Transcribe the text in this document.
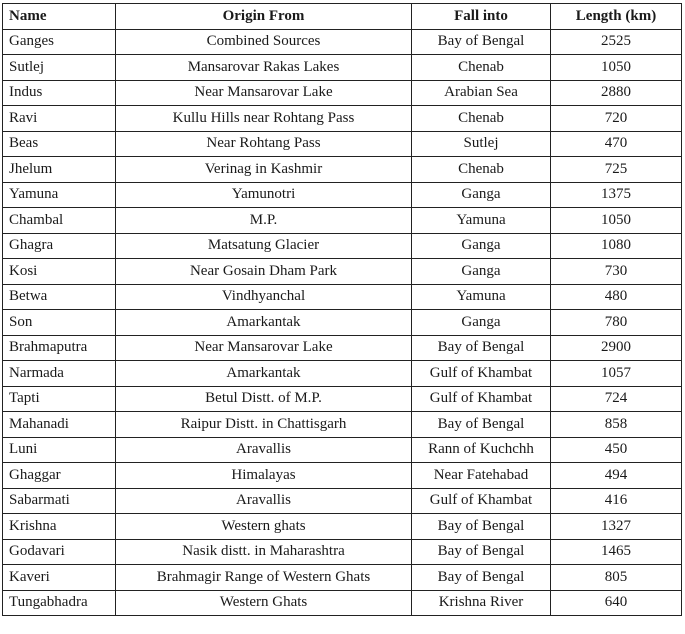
Name	Origin From	Fall into	Length (km)
Ganges	Combined Sources	Bay of Bengal	2525
Sutlej	Mansarovar Rakas Lakes	Chenab	1050
Indus	Near Mansarovar Lake	Arabian Sea	2880
Ravi	Kullu Hills near Rohtang Pass	Chenab	720
Beas	Near Rohtang Pass	Sutlej	470
Jhelum	Verinag in Kashmir	Chenab	725
Yamuna	Yamunotri	Ganga	1375
Chambal	M.P.	Yamuna	1050
Ghagra	Matsatung Glacier	Ganga	1080
Kosi	Near Gosain Dham Park	Ganga	730
Betwa	Vindhyanchal	Yamuna	480
Son	Amarkantak	Ganga	780
Brahmaputra	Near Mansarovar Lake	Bay of Bengal	2900
Narmada	Amarkantak	Gulf of Khambat	1057
Tapti	Betul Distt. of M.P.	Gulf of Khambat	724
Mahanadi	Raipur Distt. in Chattisgarh	Bay of Bengal	858
Luni	Aravallis	Rann of Kuchchh	450
Ghaggar	Himalayas	Near Fatehabad	494
Sabarmati	Aravallis	Gulf of Khambat	416
Krishna	Western ghats	Bay of Bengal	1327
Godavari	Nasik distt. in Maharashtra	Bay of Bengal	1465
Kaveri	Brahmagir Range of Western Ghats	Bay of Bengal	805
Tungabhadra	Western Ghats	Krishna River	640
